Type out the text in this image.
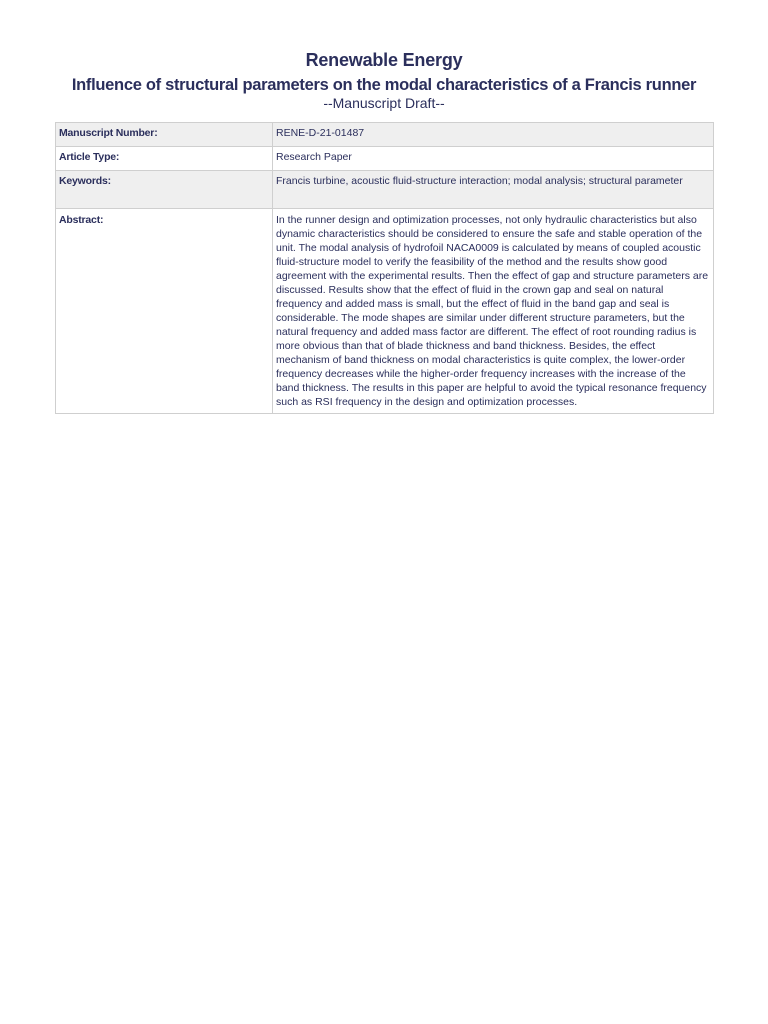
Renewable Energy
Influence of structural parameters on the modal characteristics of a Francis runner
--Manuscript Draft--
Manuscript Number:	RENE-D-21-01487
Article Type:	Research Paper
Keywords:	Francis turbine, acoustic fluid-structure interaction; modal analysis; structural parameter
Abstract:	In the runner design and optimization processes, not only hydraulic characteristics but also dynamic characteristics should be considered to ensure the safe and stable operation of the unit. The modal analysis of hydrofoil NACA0009 is calculated by means of coupled acoustic fluid-structure model to verify the feasibility of the method and the results show good agreement with the experimental results. Then the effect of gap and structure parameters are discussed. Results show that the effect of fluid in the crown gap and seal on natural frequency and added mass is small, but the effect of fluid in the band gap and seal is considerable. The mode shapes are similar under different structure parameters, but the natural frequency and added mass factor are different. The effect of root rounding radius is more obvious than that of blade thickness and band thickness. Besides, the effect mechanism of band thickness on modal characteristics is quite complex, the lower-order frequency decreases while the higher-order frequency increases with the increase of the band thickness. The results in this paper are helpful to avoid the typical resonance frequency such as RSI frequency in the design and optimization processes.
